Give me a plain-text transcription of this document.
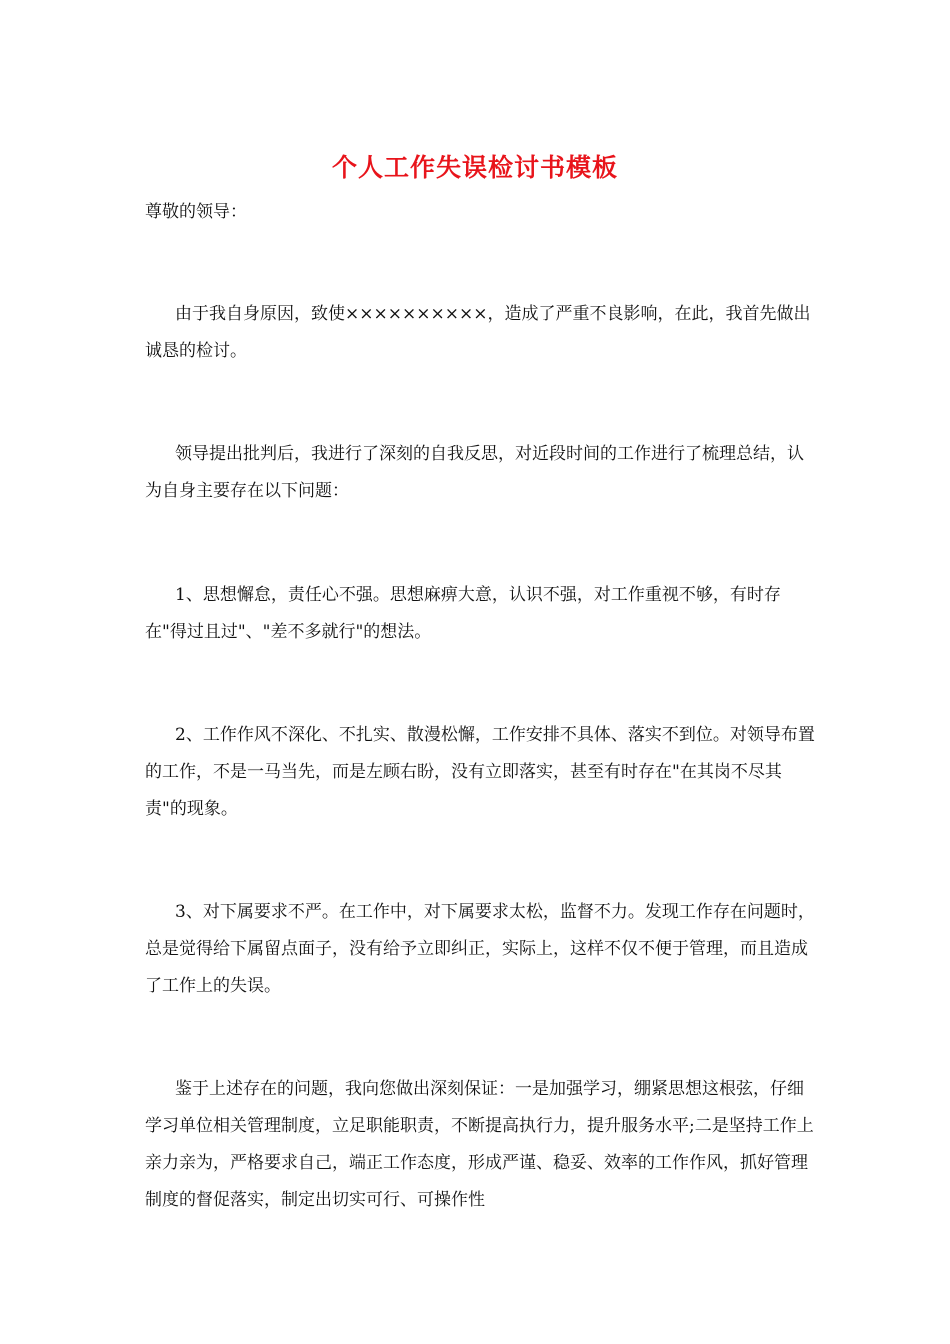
个人工作失误检讨书模板
尊敬的领导：

由于我自身原因，致使××××××××××，造成了严重不良影响，在此，我首先做出诚恳的检讨。

领导提出批判后，我进行了深刻的自我反思，对近段时间的工作进行了梳理总结，认为自身主要存在以下问题：

1、思想懈怠，责任心不强。思想麻痹大意，认识不强，对工作重视不够，有时存在"得过且过"、"差不多就行"的想法。

2、工作作风不深化、不扎实、散漫松懈，工作安排不具体、落实不到位。对领导布置的工作，不是一马当先，而是左顾右盼，没有立即落实，甚至有时存在"在其岗不尽其责"的现象。

3、对下属要求不严。在工作中，对下属要求太松，监督不力。发现工作存在问题时，总是觉得给下属留点面子，没有给予立即纠正，实际上，这样不仅不便于管理，而且造成了工作上的失误。

鉴于上述存在的问题，我向您做出深刻保证：一是加强学习，绷紧思想这根弦，仔细学习单位相关管理制度，立足职能职责，不断提高执行力，提升服务水平;二是坚持工作上亲力亲为，严格要求自己，端正工作态度，形成严谨、稳妥、效率的工作作风，抓好管理制度的督促落实，制定出切实可行、可操作性
